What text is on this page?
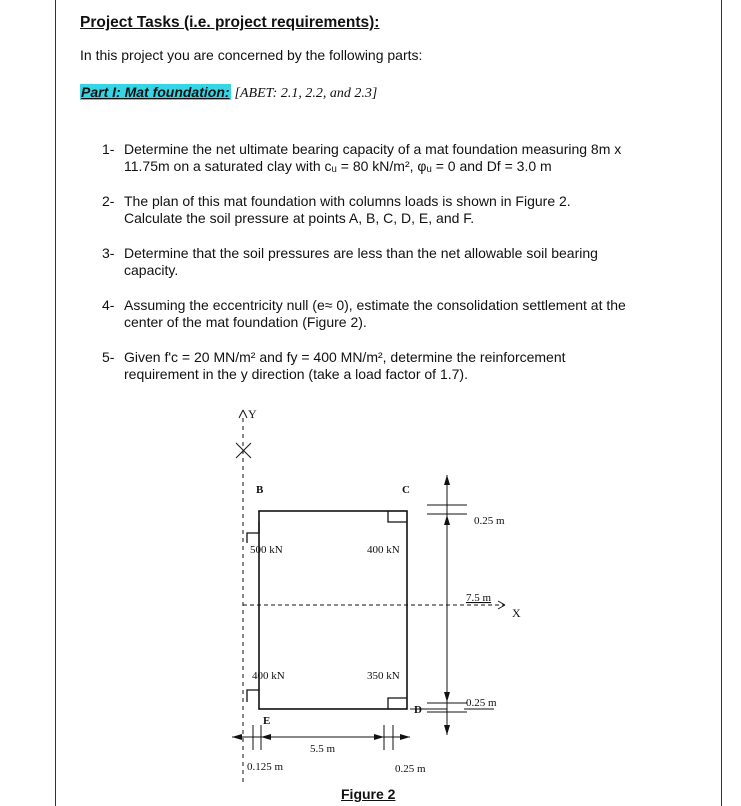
Project Tasks (i.e. project requirements):
In this project you are concerned by the following parts:
Part I: Mat foundation: [ABET: 2.1, 2.2, and 2.3]
1- Determine the net ultimate bearing capacity of a mat foundation measuring 8m x
11.75m on a saturated clay with cᵤ = 80 kN/m², φᵤ = 0 and Df = 3.0 m
2- The plan of this mat foundation with columns loads is shown in Figure 2.
Calculate the soil pressure at points A, B, C, D, E, and F.
3- Determine that the soil pressures are less than the net allowable soil bearing
capacity.
4- Assuming the eccentricity null (e≈ 0), estimate the consolidation settlement at the
center of the mat foundation (Figure 2).
5- Given f'c = 20 MN/m² and fy = 400 MN/m², determine the reinforcement
requirement in the y direction (take a load factor of 1.7).
Y
X
B	C
D
E
500 kN	400 kN
400 kN	350 kN
0.25 m
7.5 m
0.25 m
5.5 m
0.125 m	0.25 m
Figure 2
